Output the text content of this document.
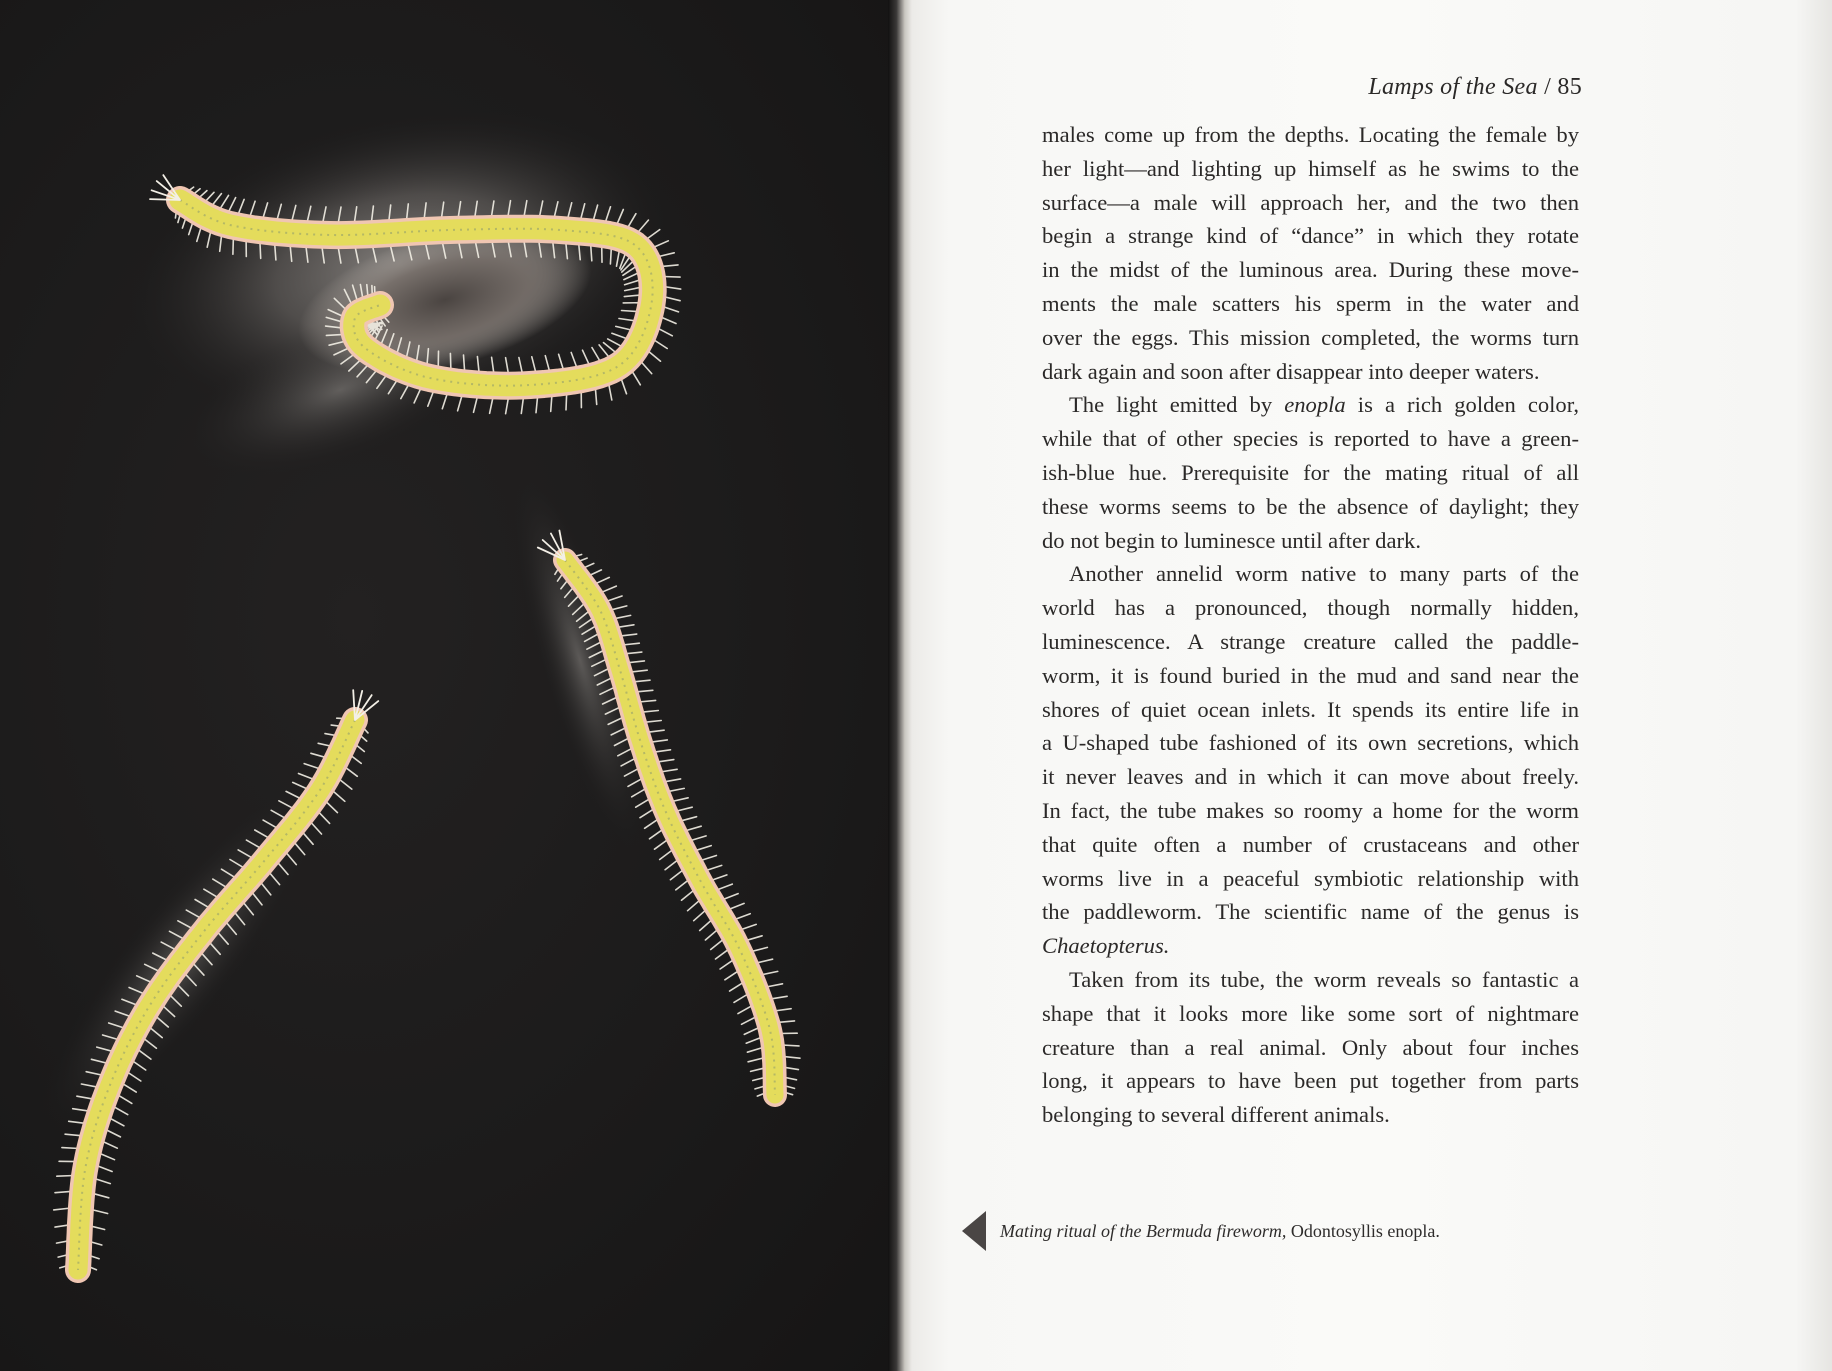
Lamps of the Sea / 85
males come up from the depths. Locating the female by
her light—and lighting up himself as he swims to the
surface—a male will approach her, and the two then
begin a strange kind of “dance” in which they rotate
in the midst of the luminous area. During these move-
ments the male scatters his sperm in the water and
over the eggs. This mission completed, the worms turn
dark again and soon after disappear into deeper waters.
The light emitted by enopla is a rich golden color,
while that of other species is reported to have a green-
ish-blue hue. Prerequisite for the mating ritual of all
these worms seems to be the absence of daylight; they
do not begin to luminesce until after dark.
Another annelid worm native to many parts of the
world has a pronounced, though normally hidden,
luminescence. A strange creature called the paddle-
worm, it is found buried in the mud and sand near the
shores of quiet ocean inlets. It spends its entire life in
a U-shaped tube fashioned of its own secretions, which
it never leaves and in which it can move about freely.
In fact, the tube makes so roomy a home for the worm
that quite often a number of crustaceans and other
worms live in a peaceful symbiotic relationship with
the paddleworm. The scientific name of the genus is
Chaetopterus.
Taken from its tube, the worm reveals so fantastic a
shape that it looks more like some sort of nightmare
creature than a real animal. Only about four inches
long, it appears to have been put together from parts
belonging to several different animals.
Mating ritual of the Bermuda fireworm, Odontosyllis enopla.
